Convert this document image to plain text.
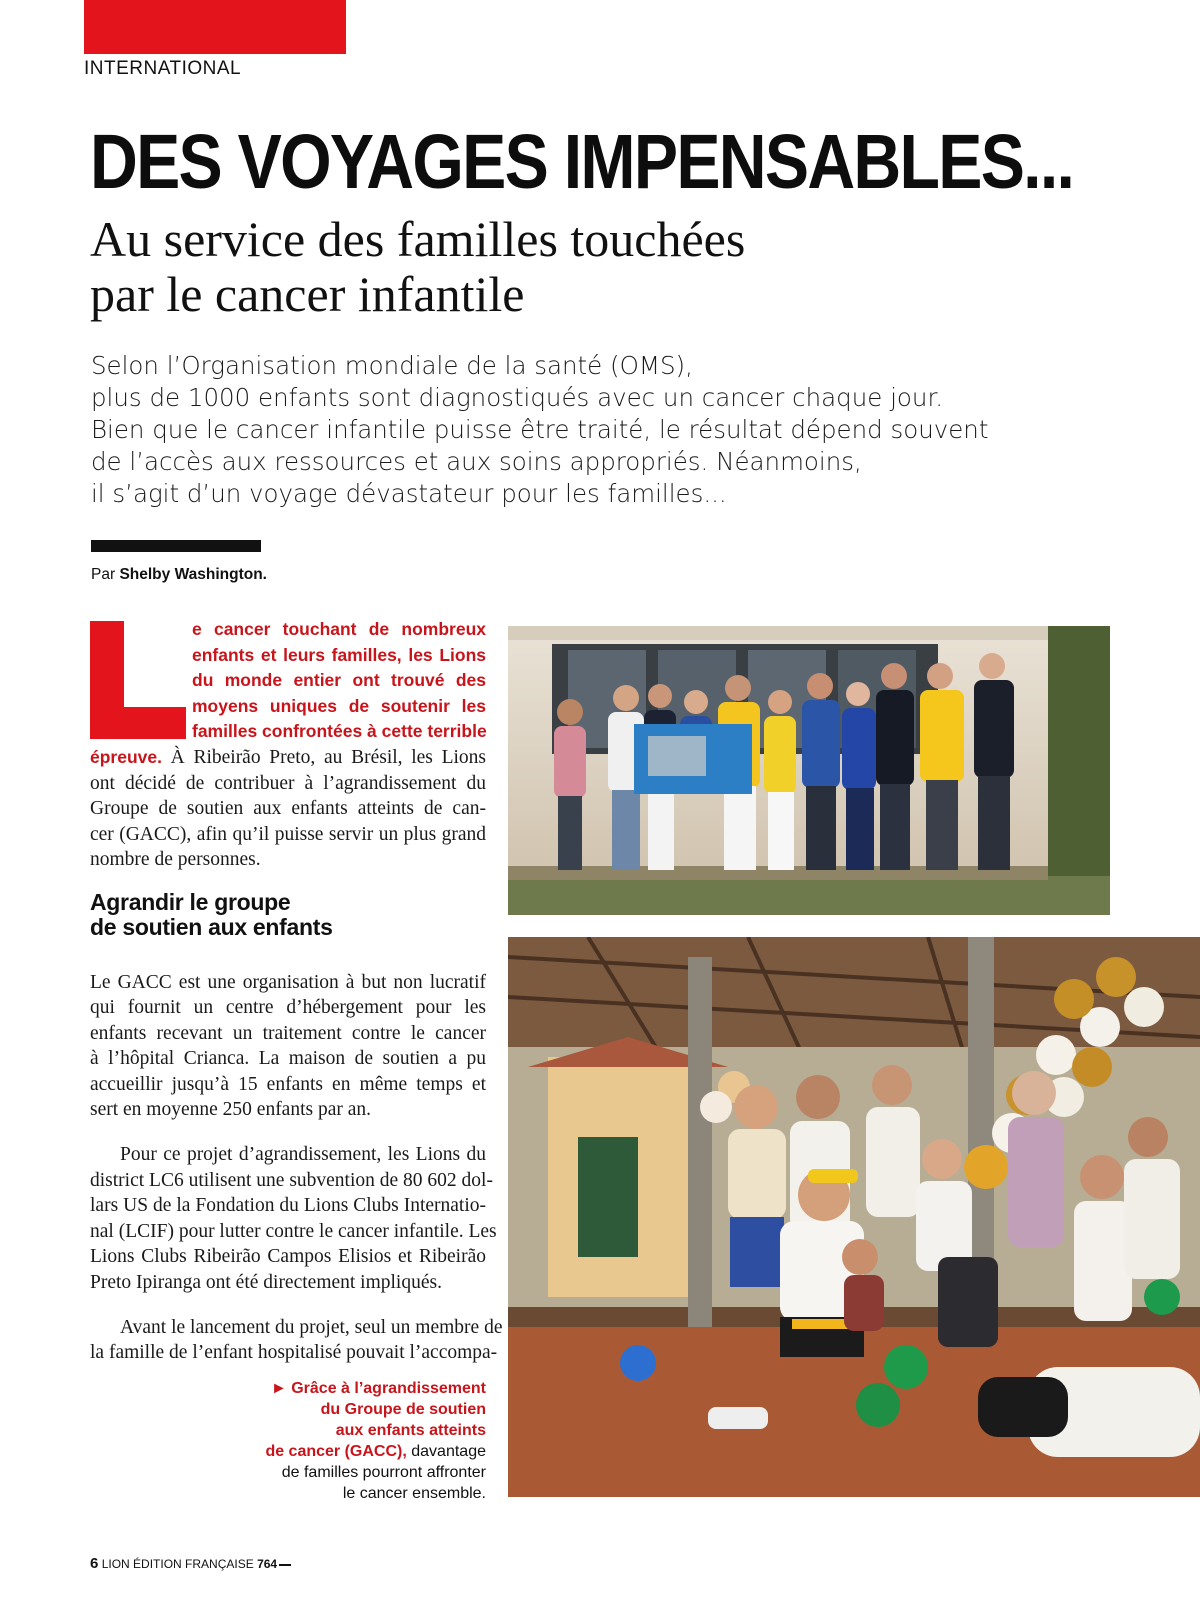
INTERNATIONAL
DES VOYAGES IMPENSABLES...
Au service des familles touchées
par le cancer infantile
Selon l’Organisation mondiale de la santé (OMS),
plus de 1000 enfants sont diagnostiqués avec un cancer chaque jour.
Bien que le cancer infantile puisse être traité, le résultat dépend souvent
de l’accès aux ressources et aux soins appropriés. Néanmoins,
il s’agit d’un voyage dévastateur pour les familles...
Par Shelby Washington.
e cancer touchant de nombreux
enfants et leurs familles, les Lions
du monde entier ont trouvé des
moyens uniques de soutenir les
familles confrontées à cette terrible
épreuve. À Ribeirão Preto, au Brésil, les Lions
ont décidé de contribuer à l’agrandissement du
Groupe de soutien aux enfants atteints de can-
cer (GACC), afin qu’il puisse servir un plus grand
nombre de personnes.
Agrandir le groupe
de soutien aux enfants

Le GACC est une organisation à but non lucratif
qui fournit un centre d’hébergement pour les
enfants recevant un traitement contre le cancer
à l’hôpital Crianca. La maison de soutien a pu
accueillir jusqu’à 15 enfants en même temps et
sert en moyenne 250 enfants par an.

Pour ce projet d’agrandissement, les Lions du
district LC6 utilisent une subvention de 80 602 dol-
lars US de la Fondation du Lions Clubs Internatio-
nal (LCIF) pour lutter contre le cancer infantile. Les
Lions Clubs Ribeirão Campos Elisios et Ribeirão
Preto Ipiranga ont été directement impliqués.

Avant le lancement du projet, seul un membre de
la famille de l’enfant hospitalisé pouvait l’accompa-

► Grâce à l’agrandissement
du Groupe de soutien
aux enfants atteints
de cancer (GACC), davantage
de familles pourront affronter
le cancer ensemble.
6 LION ÉDITION FRANÇAISE 764
